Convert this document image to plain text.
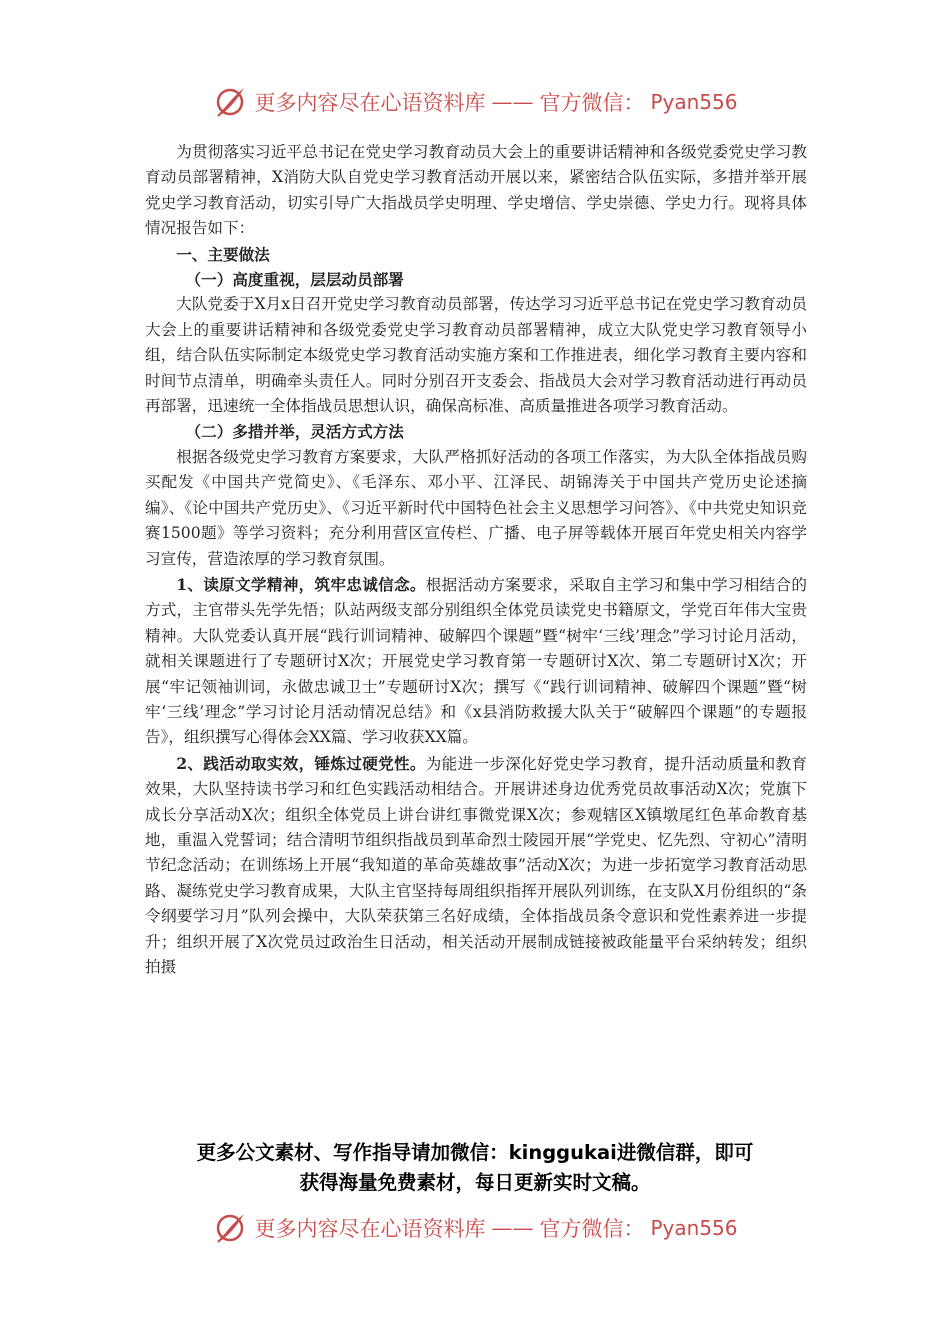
更多内容尽在心语资料库 —— 官方微信： Pyan556

为贯彻落实习近平总书记在党史学习教育动员大会上的重要讲话精神和各级党委党史学习教育动员部署精神，X消防大队自党史学习教育活动开展以来，紧密结合队伍实际，多措并举开展党史学习教育活动，切实引导广大指战员学史明理、学史增信、学史崇德、学史力行。现将具体情况报告如下：

一、主要做法

（一）高度重视，层层动员部署

大队党委于X月x日召开党史学习教育动员部署，传达学习习近平总书记在党史学习教育动员大会上的重要讲话精神和各级党委党史学习教育动员部署精神，成立大队党史学习教育领导小组，结合队伍实际制定本级党史学习教育活动实施方案和工作推进表，细化学习教育主要内容和时间节点清单，明确牵头责任人。同时分别召开支委会、指战员大会对学习教育活动进行再动员再部署，迅速统一全体指战员思想认识，确保高标准、高质量推进各项学习教育活动。

（二）多措并举，灵活方式方法

根据各级党史学习教育方案要求，大队严格抓好活动的各项工作落实，为大队全体指战员购买配发《中国共产党简史》、《毛泽东、邓小平、江泽民、胡锦涛关于中国共产党历史论述摘编》、《论中国共产党历史》、《习近平新时代中国特色社会主义思想学习问答》、《中共党史知识竞赛1500题》等学习资料；充分利用营区宣传栏、广播、电子屏等载体开展百年党史相关内容学习宣传，营造浓厚的学习教育氛围。

1、读原文学精神，筑牢忠诚信念。根据活动方案要求，采取自主学习和集中学习相结合的方式，主官带头先学先悟；队站两级支部分别组织全体党员读党史书籍原文，学党百年伟大宝贵精神。大队党委认真开展“践行训词精神、破解四个课题”暨“树牢‘三线’理念”学习讨论月活动，就相关课题进行了专题研讨X次；开展党史学习教育第一专题研讨X次、第二专题研讨X次；开展“牢记领袖训词，永做忠诚卫士”专题研讨X次；撰写《“践行训词精神、破解四个课题”暨“树牢‘三线’理念”学习讨论月活动情况总结》和《x县消防救援大队关于“破解四个课题”的专题报告》，组织撰写心得体会XX篇、学习收获XX篇。

2、践活动取实效，锤炼过硬党性。为能进一步深化好党史学习教育，提升活动质量和教育效果，大队坚持读书学习和红色实践活动相结合。开展讲述身边优秀党员故事活动X次；党旗下成长分享活动X次；组织全体党员上讲台讲红事微党课X次；参观辖区X镇墩尾红色革命教育基地，重温入党誓词；结合清明节组织指战员到革命烈士陵园开展“学党史、忆先烈、守初心”清明节纪念活动；在训练场上开展“我知道的革命英雄故事”活动X次；为进一步拓宽学习教育活动思路、凝练党史学习教育成果，大队主官坚持每周组织指挥开展队列训练，在支队X月份组织的“条令纲要学习月”队列会操中，大队荣获第三名好成绩，全体指战员条令意识和党性素养进一步提升；组织开展了X次党员过政治生日活动，相关活动开展制成链接被政能量平台采纳转发；组织拍摄

更多公文素材、写作指导请加微信：kinggukai进微信群，即可
获得海量免费素材，每日更新实时文稿。
更多内容尽在心语资料库 —— 官方微信： Pyan556
